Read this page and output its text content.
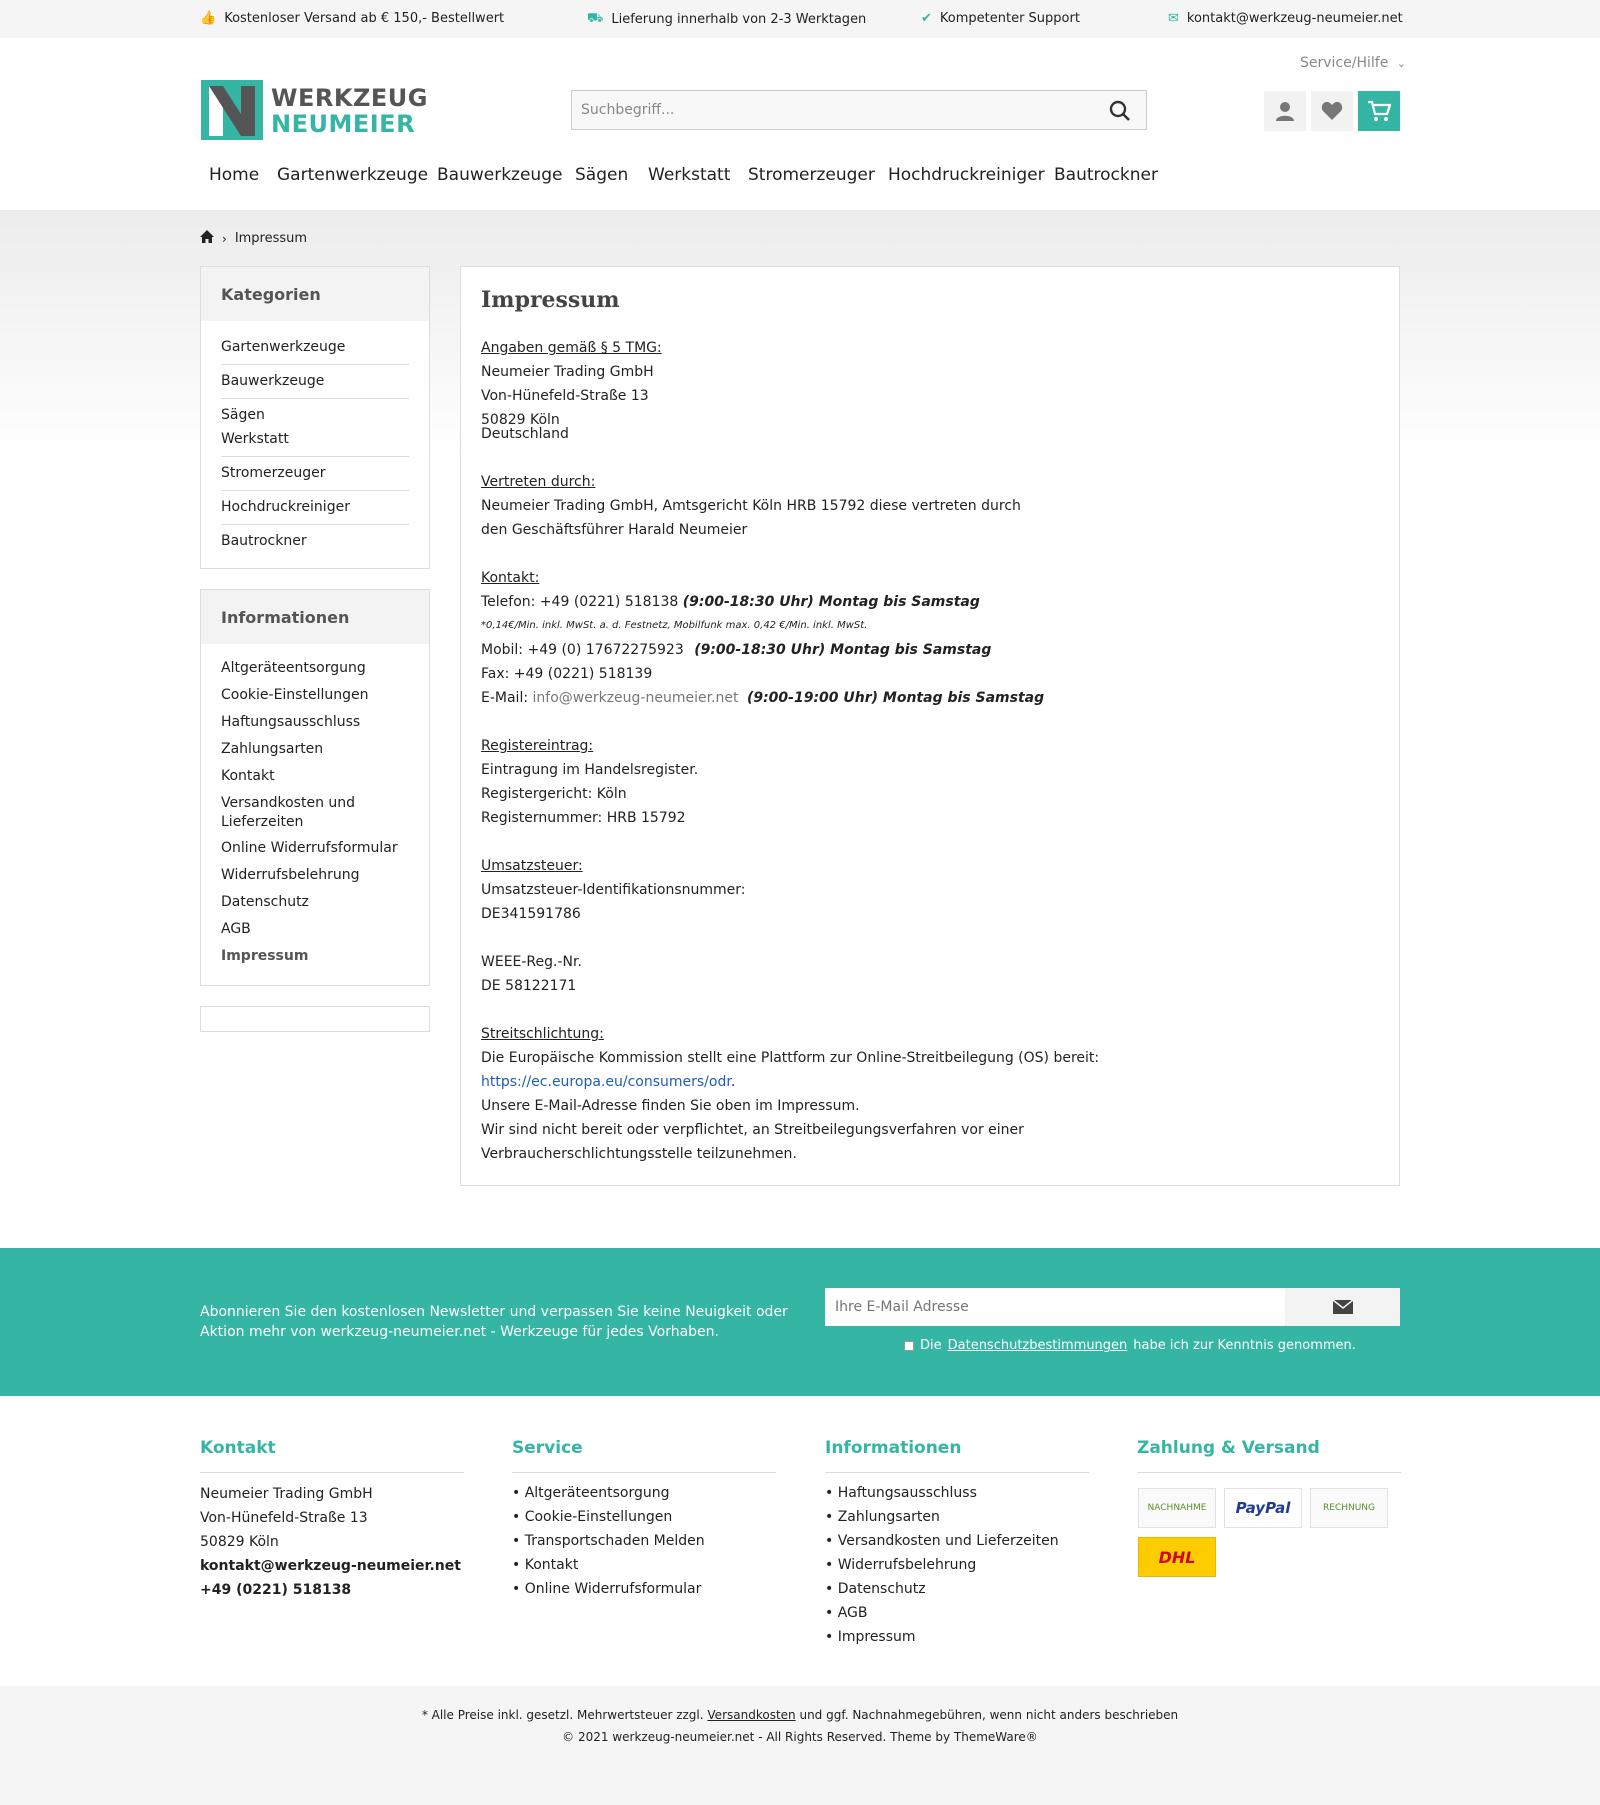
👍 Kostenloser Versand ab € 150,- Bestellwert	⛟ Lieferung innerhalb von 2-3 Werktagen	✔ Kompetenter Support	✉ kontakt@werkzeug-neumeier.net
WERKZEUG
NEUMEIER
Service/Hilfe ⌄
Suchbegriff...
Home Gartenwerkzeuge Bauwerkzeuge Sägen Werkstatt Stromerzeuger Hochdruckreiniger Bautrockner
› Impressum
Kategorien
Gartenwerkzeuge
Bauwerkzeuge
Sägen
Werkstatt
Stromerzeuger
Hochdruckreiniger
Bautrockner
Informationen
Altgeräteentsorgung
Cookie-Einstellungen
Haftungsausschluss
Zahlungsarten
Kontakt
Versandkosten und Lieferzeiten
Online Widerrufsformular
Widerrufsbelehrung
Datenschutz
AGB
Impressum
Impressum
Angaben gemäß § 5 TMG:
Neumeier Trading GmbH
Von-Hünefeld-Straße 13
50829 Köln
Deutschland
Vertreten durch:
Neumeier Trading GmbH, Amtsgericht Köln HRB 15792 diese vertreten durch
den Geschäftsführer Harald Neumeier
Kontakt:
Telefon: +49 (0221) 518138 (9:00-18:30 Uhr) Montag bis Samstag
*0,14€/Min. inkl. MwSt. a. d. Festnetz, Mobilfunk max. 0,42 €/Min. inkl. MwSt.
Mobil: +49 (0) 17672275923 (9:00-18:30 Uhr) Montag bis Samstag
Fax: +49 (0221) 518139
E-Mail: info@werkzeug-neumeier.net (9:00-19:00 Uhr) Montag bis Samstag
Registereintrag:
Eintragung im Handelsregister.
Registergericht: Köln
Registernummer: HRB 15792
Umsatzsteuer:
Umsatzsteuer-Identifikationsnummer:
DE341591786
WEEE-Reg.-Nr.
DE 58122171
Streitschlichtung:
Die Europäische Kommission stellt eine Plattform zur Online-Streitbeilegung (OS) bereit:
https://ec.europa.eu/consumers/odr.
Unsere E-Mail-Adresse finden Sie oben im Impressum.
Wir sind nicht bereit oder verpflichtet, an Streitbeilegungsverfahren vor einer
Verbraucherschlichtungsstelle teilzunehmen.
Abonnieren Sie den kostenlosen Newsletter und verpassen Sie keine Neuigkeit oder
Aktion mehr von werkzeug-neumeier.net - Werkzeuge für jedes Vorhaben.
Ihre E-Mail Adresse
Die Datenschutzbestimmungen habe ich zur Kenntnis genommen.
Kontakt
Neumeier Trading GmbH
Von-Hünefeld-Straße 13
50829 Köln
kontakt@werkzeug-neumeier.net
+49 (0221) 518138
Service
• Altgeräteentsorgung
• Cookie-Einstellungen
• Transportschaden Melden
• Kontakt
• Online Widerrufsformular
Informationen
• Haftungsausschluss
• Zahlungsarten
• Versandkosten und Lieferzeiten
• Widerrufsbelehrung
• Datenschutz
• AGB
• Impressum
Zahlung & Versand
NACHNAHME	PayPal	RECHNUNG
DHL
* Alle Preise inkl. gesetzl. Mehrwertsteuer zzgl. Versandkosten und ggf. Nachnahmegebühren, wenn nicht anders beschrieben
© 2021 werkzeug-neumeier.net - All Rights Reserved. Theme by ThemeWare®
